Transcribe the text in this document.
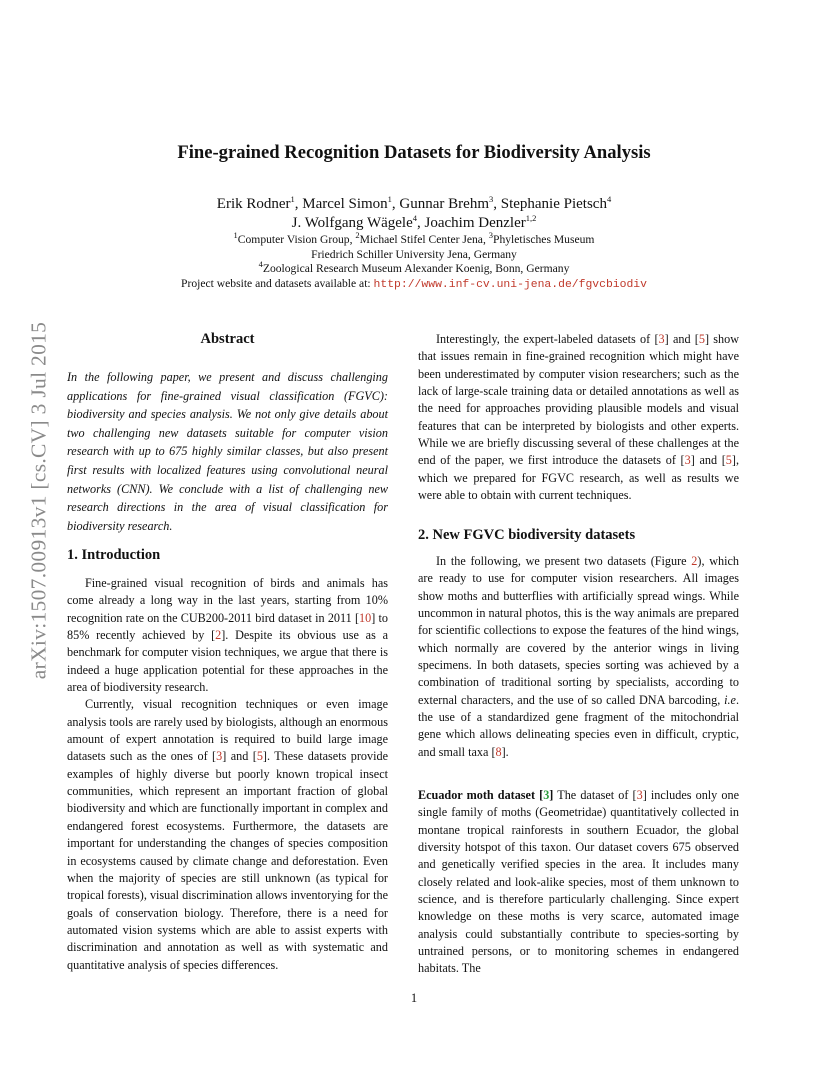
arXiv:1507.00913v1 [cs.CV] 3 Jul 2015
Fine-grained Recognition Datasets for Biodiversity Analysis
Erik Rodner$^1$, Marcel Simon$^1$, Gunnar Brehm$^3$, Stephanie Pietsch$^4$
J. Wolfgang Wägele$^4$, Joachim Denzler$^{1,2}$
$^1$Computer Vision Group, $^2$Michael Stifel Center Jena, $^3$Phyletisches Museum
Friedrich Schiller University Jena, Germany
$^4$Zoological Research Museum Alexander Koenig, Bonn, Germany
Project website and datasets available at: http://www.inf-cv.uni-jena.de/fgvcbiodiv
Abstract
In the following paper, we present and discuss challenging applications for fine-grained visual classification (FGVC): biodiversity and species analysis. We not only give details about two challenging new datasets suitable for computer vision research with up to 675 highly similar classes, but also present first results with localized features using convolutional neural networks (CNN). We conclude with a list of challenging new research directions in the area of visual classification for biodiversity research.
1. Introduction

Fine-grained visual recognition of birds and animals has come already a long way in the last years, starting from 10% recognition rate on the CUB200-2011 bird dataset in 2011 [10] to 85% recently achieved by [2]. Despite its obvious use as a benchmark for computer vision techniques, we argue that there is indeed a huge application potential for these approaches in the area of biodiversity research.

Currently, visual recognition techniques or even image analysis tools are rarely used by biologists, although an enormous amount of expert annotation is required to build large image datasets such as the ones of [3] and [5]. These datasets provide examples of highly diverse but poorly known tropical insect communities, which represent an important fraction of global biodiversity and which are functionally important in complex and endangered forest ecosystems. Furthermore, the datasets are important for understanding the changes of species composition in ecosystems caused by climate change and deforestation. Even when the majority of species are still unknown (as typical for tropical forests), visual discrimination allows inventorying for the goals of conservation biology. Therefore, there is a need for automated vision systems which are able to assist experts with discrimination and annotation as well as with systematic and quantitative analysis of species differences.

Interestingly, the expert-labeled datasets of [3] and [5] show that issues remain in fine-grained recognition which might have been underestimated by computer vision researchers; such as the lack of large-scale training data or detailed annotations as well as the need for approaches providing plausible models and visual features that can be interpreted by biologists and other experts. While we are briefly discussing several of these challenges at the end of the paper, we first introduce the datasets of [3] and [5], which we prepared for FGVC research, as well as results we were able to obtain with current techniques.

2. New FGVC biodiversity datasets

In the following, we present two datasets (Figure 2), which are ready to use for computer vision researchers. All images show moths and butterflies with artificially spread wings. While uncommon in natural photos, this is the way animals are prepared for scientific collections to expose the features of the hind wings, which normally are covered by the anterior wings in living specimens. In both datasets, species sorting was achieved by a combination of traditional sorting by specialists, according to external characters, and the use of so called DNA barcoding, i.e. the use of a standardized gene fragment of the mitochondrial gene which allows delineating species even in difficult, cryptic, and small taxa [8].

Ecuador moth dataset [3] The dataset of [3] includes only one single family of moths (Geometridae) quantitatively collected in montane tropical rainforests in southern Ecuador, the global diversity hotspot of this taxon. Our dataset covers 675 observed and genetically verified species in the area. It includes many closely related and look-alike species, most of them unknown to science, and is therefore particularly challenging. Since expert knowledge on these moths is very scarce, automated image analysis could substantially contribute to species-sorting by untrained persons, or to monitoring schemes in endangered habitats. The

1
